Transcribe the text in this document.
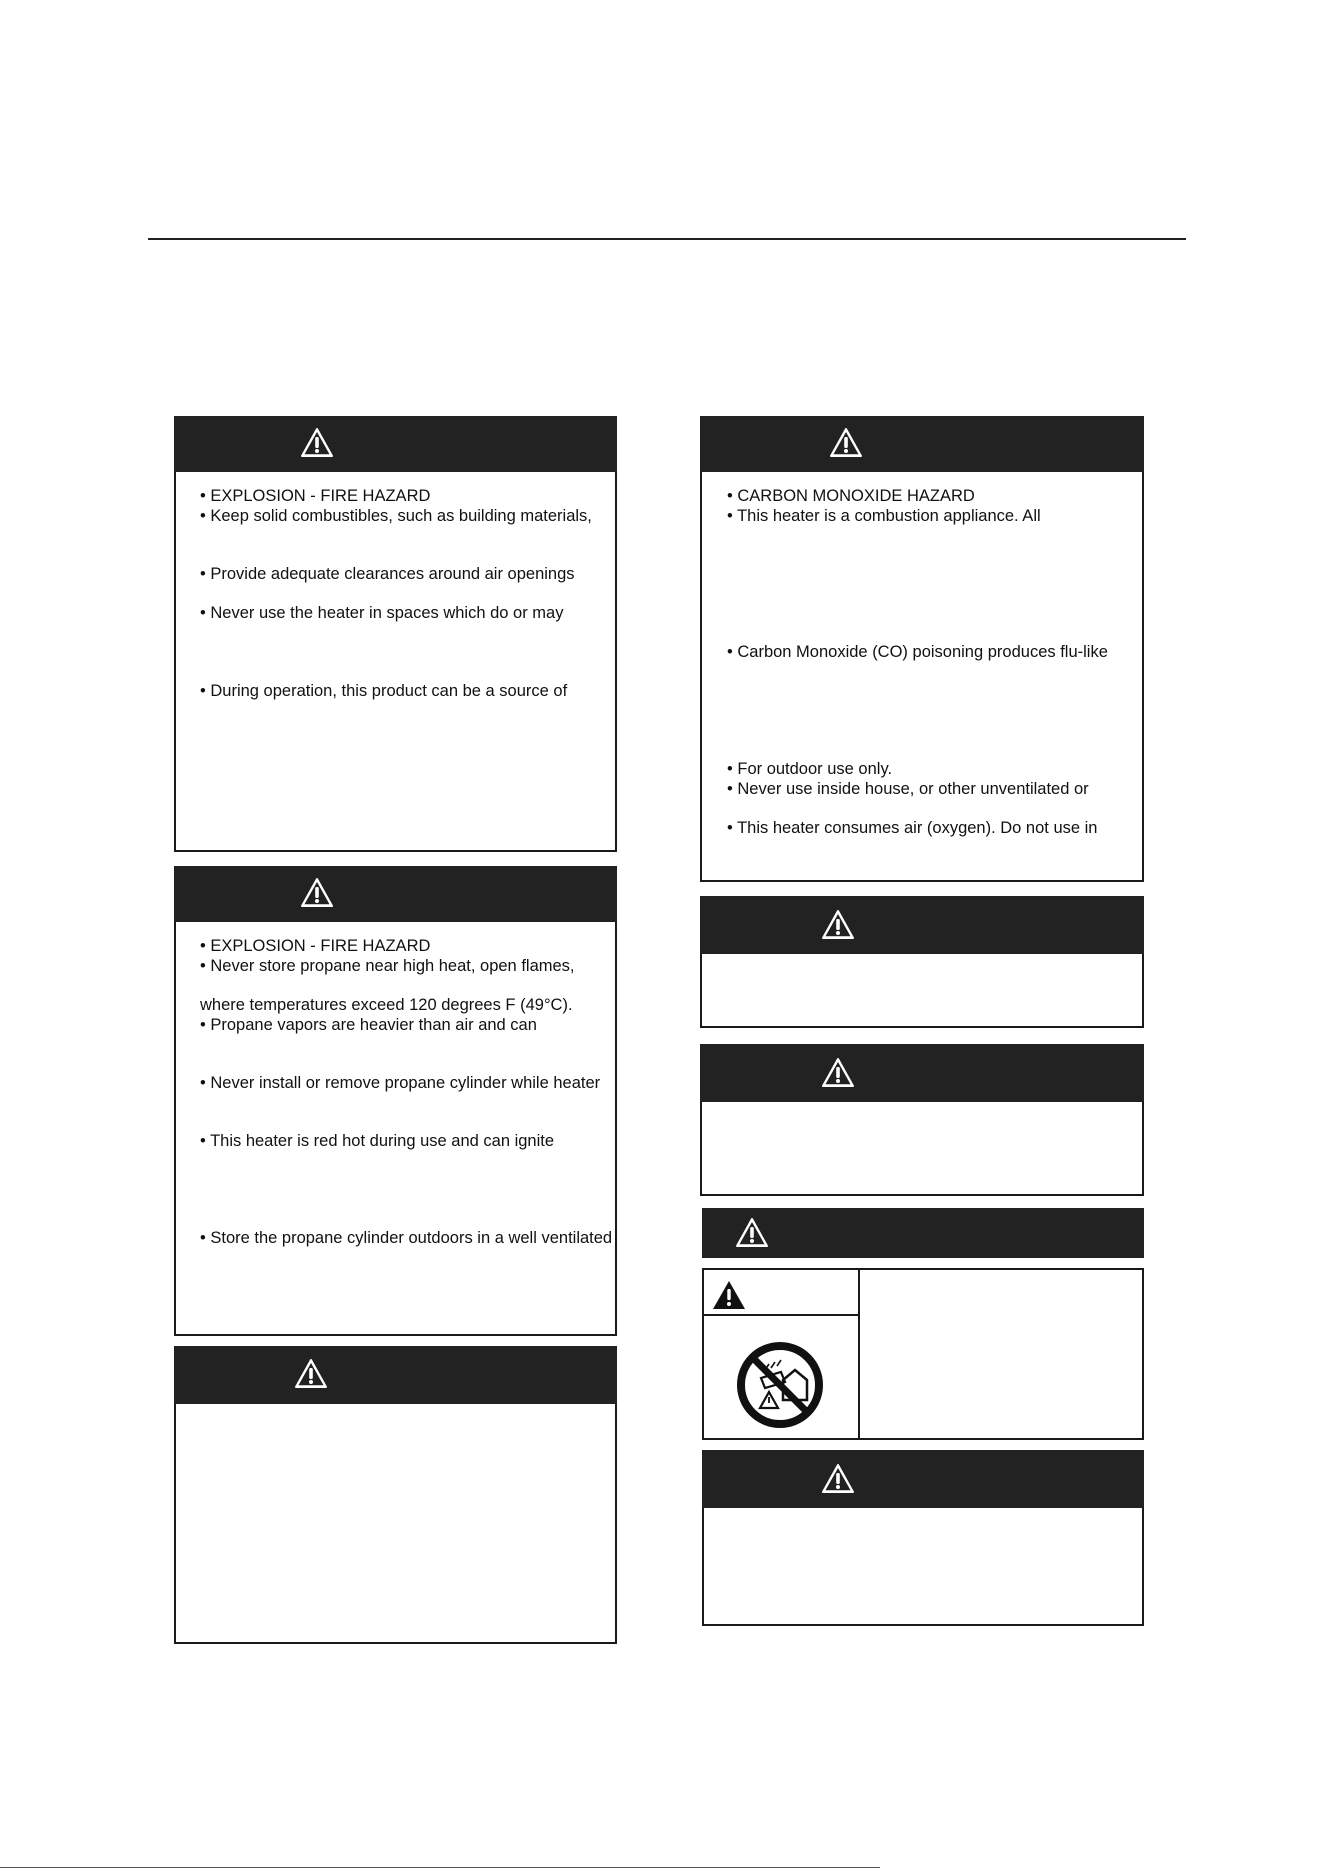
• EXPLOSION - FIRE HAZARD
• Keep solid combustibles, such as building materials,
• Provide adequate clearances around air openings
• Never use the heater in spaces which do or may
• During operation, this product can be a source of
• EXPLOSION - FIRE HAZARD
• Never store propane near high heat, open flames,
where temperatures exceed 120 degrees F (49°C).
• Propane vapors are heavier than air and can
• Never install or remove propane cylinder while heater
• This heater is red hot during use and can ignite
• Store the propane cylinder outdoors in a well ventilated
• CARBON MONOXIDE HAZARD
• This heater is a combustion appliance. All
• Carbon Monoxide (CO) poisoning produces flu-like
• For outdoor use only.
• Never use inside house, or other unventilated or
• This heater consumes air (oxygen). Do not use in
